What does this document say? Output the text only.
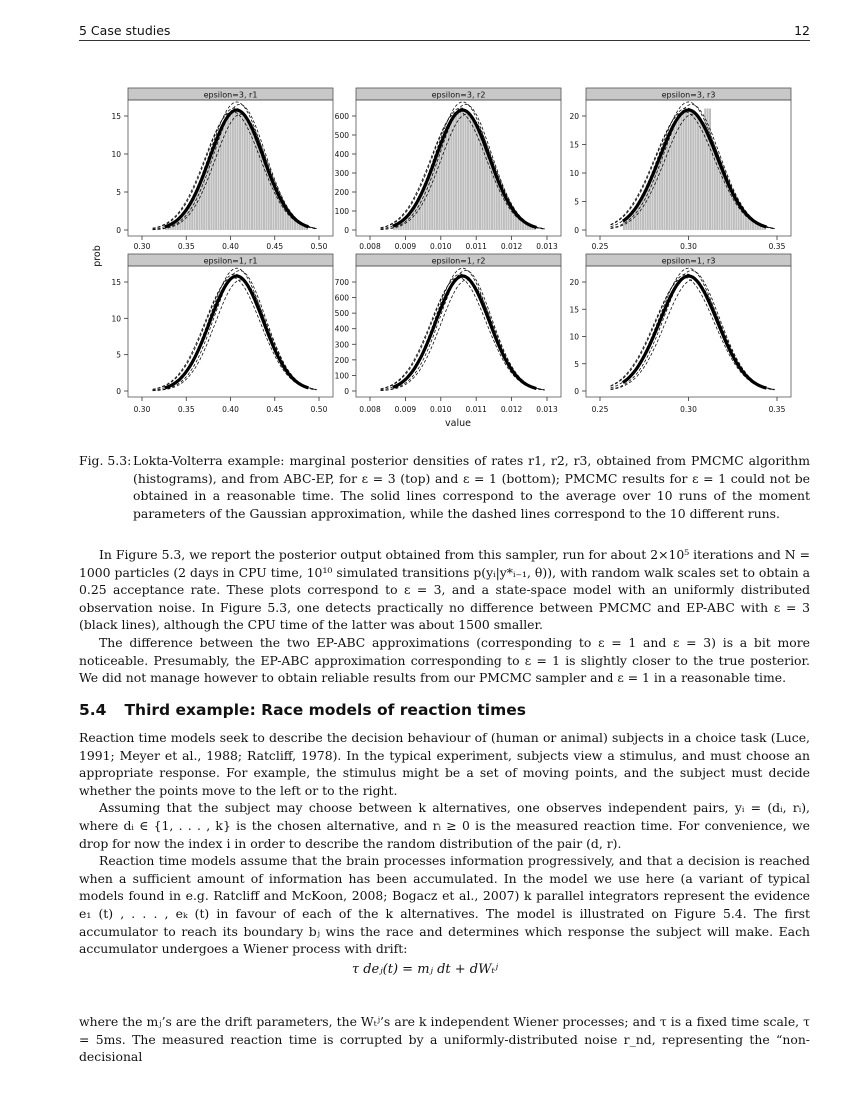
5 Case studies	12
epsilon=3, r1
0.30	0.35	0.40	0.45	0.50
0
5
10
15
epsilon=3, r2
0.008 0.009 0.010 0.011 0.012 0.013
0
100
200
300
400
500
600
epsilon=3, r3
0.25	0.30	0.35
0
5
10
15
20
epsilon=1, r1
0.30	0.35	0.40	0.45	0.50
0
5
10
15
epsilon=1, r2
0.008 0.009 0.010 0.011 0.012 0.013
0
100
200
300
400
500
600
700
epsilon=1, r3
0.25	0.30	0.35
0
5
10
15
20
prob
value
Fig. 5.3: Lokta-Volterra example: marginal posterior densities of rates r1, r2, r3, obtained from PMCMC algorithm (histograms), and from ABC-EP, for ε = 3 (top) and ε = 1 (bottom); PMCMC results for ε = 1 could not be obtained in a reasonable time. The solid lines correspond to the average over 10 runs of the moment parameters of the Gaussian approximation, while the dashed lines correspond to the 10 different runs.

In Figure 5.3, we report the posterior output obtained from this sampler, run for about 2×10⁵ iterations and N = 1000 particles (2 days in CPU time, 10¹⁰ simulated transitions p(yᵢ|y*ᵢ₋₁, θ)), with random walk scales set to obtain a 0.25 acceptance rate. These plots correspond to ε = 3, and a state-space model with an uniformly distributed observation noise. In Figure 5.3, one detects practically no difference between PMCMC and EP-ABC with ε = 3 (black lines), although the CPU time of the latter was about 1500 smaller.

The difference between the two EP-ABC approximations (corresponding to ε = 1 and ε = 3) is a bit more noticeable. Presumably, the EP-ABC approximation corresponding to ε = 1 is slightly closer to the true posterior. We did not manage however to obtain reliable results from our PMCMC sampler and ε = 1 in a reasonable time.

5.4 Third example: Race models of reaction times

Reaction time models seek to describe the decision behaviour of (human or animal) subjects in a choice task (Luce, 1991; Meyer et al., 1988; Ratcliff, 1978). In the typical experiment, subjects view a stimulus, and must choose an appropriate response. For example, the stimulus might be a set of moving points, and the subject must decide whether the points move to the left or to the right.

Assuming that the subject may choose between k alternatives, one observes independent pairs, yᵢ = (dᵢ, rᵢ), where dᵢ ∈ {1, . . . , k} is the chosen alternative, and rᵢ ≥ 0 is the measured reaction time. For convenience, we drop for now the index i in order to describe the random distribution of the pair (d, r).

Reaction time models assume that the brain processes information progressively, and that a decision is reached when a sufficient amount of information has been accumulated. In the model we use here (a variant of typical models found in e.g. Ratcliff and McKoon, 2008; Bogacz et al., 2007) k parallel integrators represent the evidence e₁ (t) , . . . , eₖ (t) in favour of each of the k alternatives. The model is illustrated on Figure 5.4. The first accumulator to reach its boundary bⱼ wins the race and determines which response the subject will make. Each accumulator undergoes a Wiener process with drift:

τ deⱼ(t) = mⱼ dt + dWₜʲ

where the mⱼ’s are the drift parameters, the Wₜʲ’s are k independent Wiener processes; and τ is a fixed time scale, τ = 5ms. The measured reaction time is corrupted by a uniformly-distributed noise r_nd, representing the “non-decisional
